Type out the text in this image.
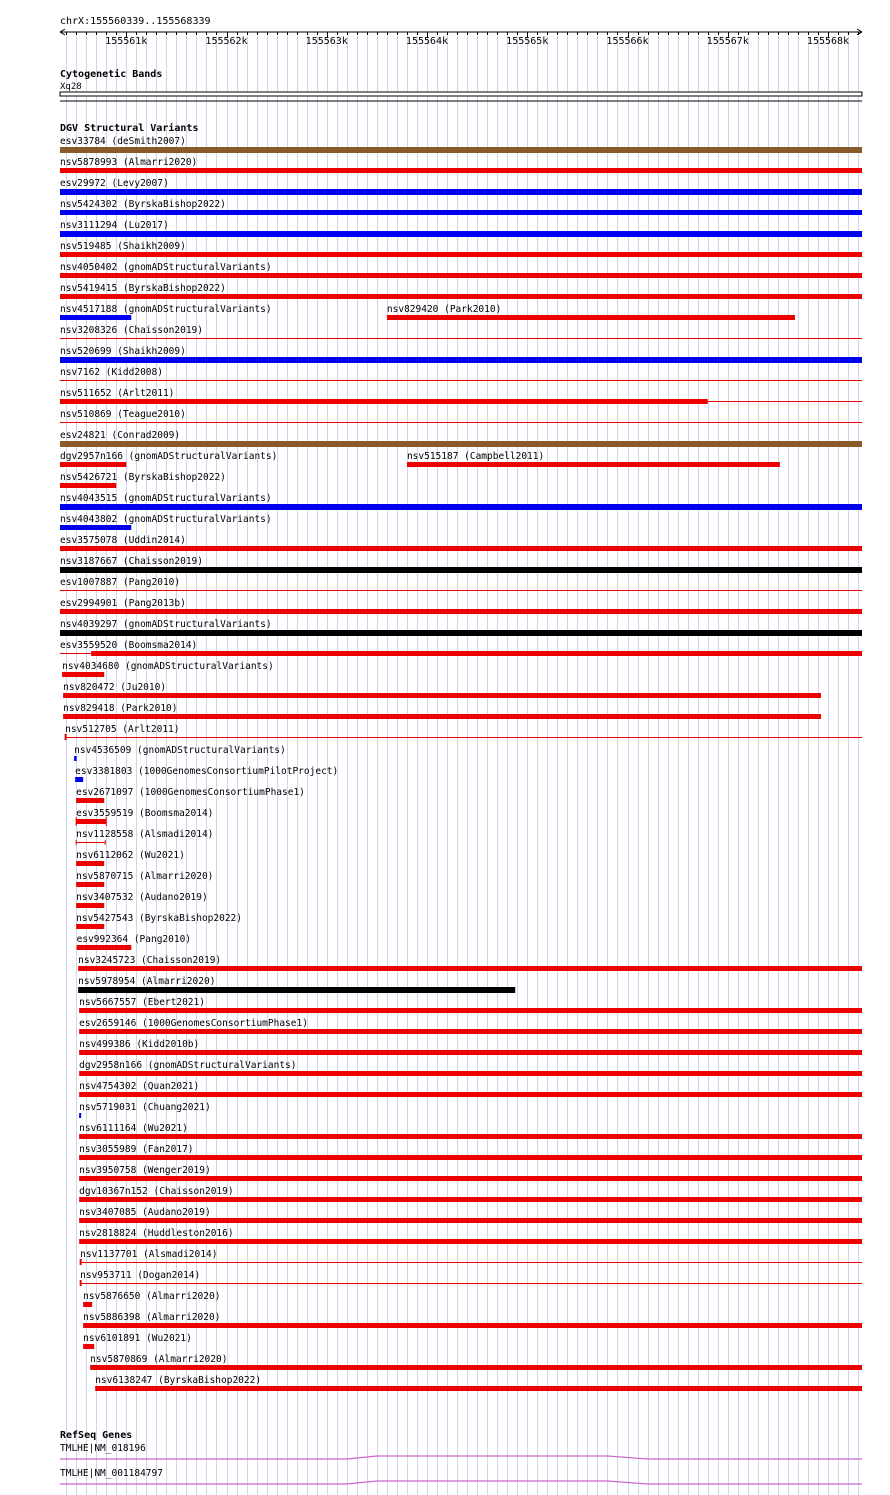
chrX:155560339..155568339
155561k	155562k	155563k	155564k	155565k	155566k	155567k	155568k
Cytogenetic Bands
Xq28
DGV Structural Variants
esv33784 (deSmith2007)
nsv5878993 (Almarri2020)
esv29972 (Levy2007)
nsv5424302 (ByrskaBishop2022)
nsv3111294 (Lu2017)
nsv519485 (Shaikh2009)
nsv4050402 (gnomADStructuralVariants)
nsv5419415 (ByrskaBishop2022)
nsv4517188 (gnomADStructuralVariants)	nsv829420 (Park2010)
nsv3208326 (Chaisson2019)
nsv520699 (Shaikh2009)
nsv7162 (Kidd2008)
nsv511652 (Arlt2011)
nsv510869 (Teague2010)
esv24821 (Conrad2009)
dgv2957n166 (gnomADStructuralVariants)	nsv515187 (Campbell2011)
nsv5426721 (ByrskaBishop2022)
nsv4043515 (gnomADStructuralVariants)
nsv4043802 (gnomADStructuralVariants)
esv3575078 (Uddin2014)
nsv3187667 (Chaisson2019)
esv1007887 (Pang2010)
esv2994901 (Pang2013b)
nsv4039297 (gnomADStructuralVariants)
esv3559520 (Boomsma2014)
nsv4034680 (gnomADStructuralVariants)
nsv820472 (Ju2010)
nsv829418 (Park2010)
nsv512705 (Arlt2011)
nsv4536509 (gnomADStructuralVariants)
esv3381803 (1000GenomesConsortiumPilotProject)
esv2671097 (1000GenomesConsortiumPhase1)
esv3559519 (Boomsma2014)
nsv1128558 (Alsmadi2014)
nsv6112062 (Wu2021)
nsv5870715 (Almarri2020)
nsv3407532 (Audano2019)
nsv5427543 (ByrskaBishop2022)
esv992364 (Pang2010)
nsv3245723 (Chaisson2019)
nsv5978954 (Almarri2020)
nsv5667557 (Ebert2021)
esv2659146 (1000GenomesConsortiumPhase1)
nsv499386 (Kidd2010b)
dgv2958n166 (gnomADStructuralVariants)
nsv4754302 (Quan2021)
nsv5719031 (Chuang2021)
nsv6111164 (Wu2021)
nsv3055989 (Fan2017)
nsv3950758 (Wenger2019)
dgv10367n152 (Chaisson2019)
nsv3407085 (Audano2019)
nsv2818824 (Huddleston2016)
nsv1137701 (Alsmadi2014)
nsv953711 (Dogan2014)
nsv5876650 (Almarri2020)
nsv5886398 (Almarri2020)
nsv6101891 (Wu2021)
nsv5870869 (Almarri2020)
nsv6138247 (ByrskaBishop2022)
RefSeq Genes
TMLHE|NM_018196
TMLHE|NM_001184797
